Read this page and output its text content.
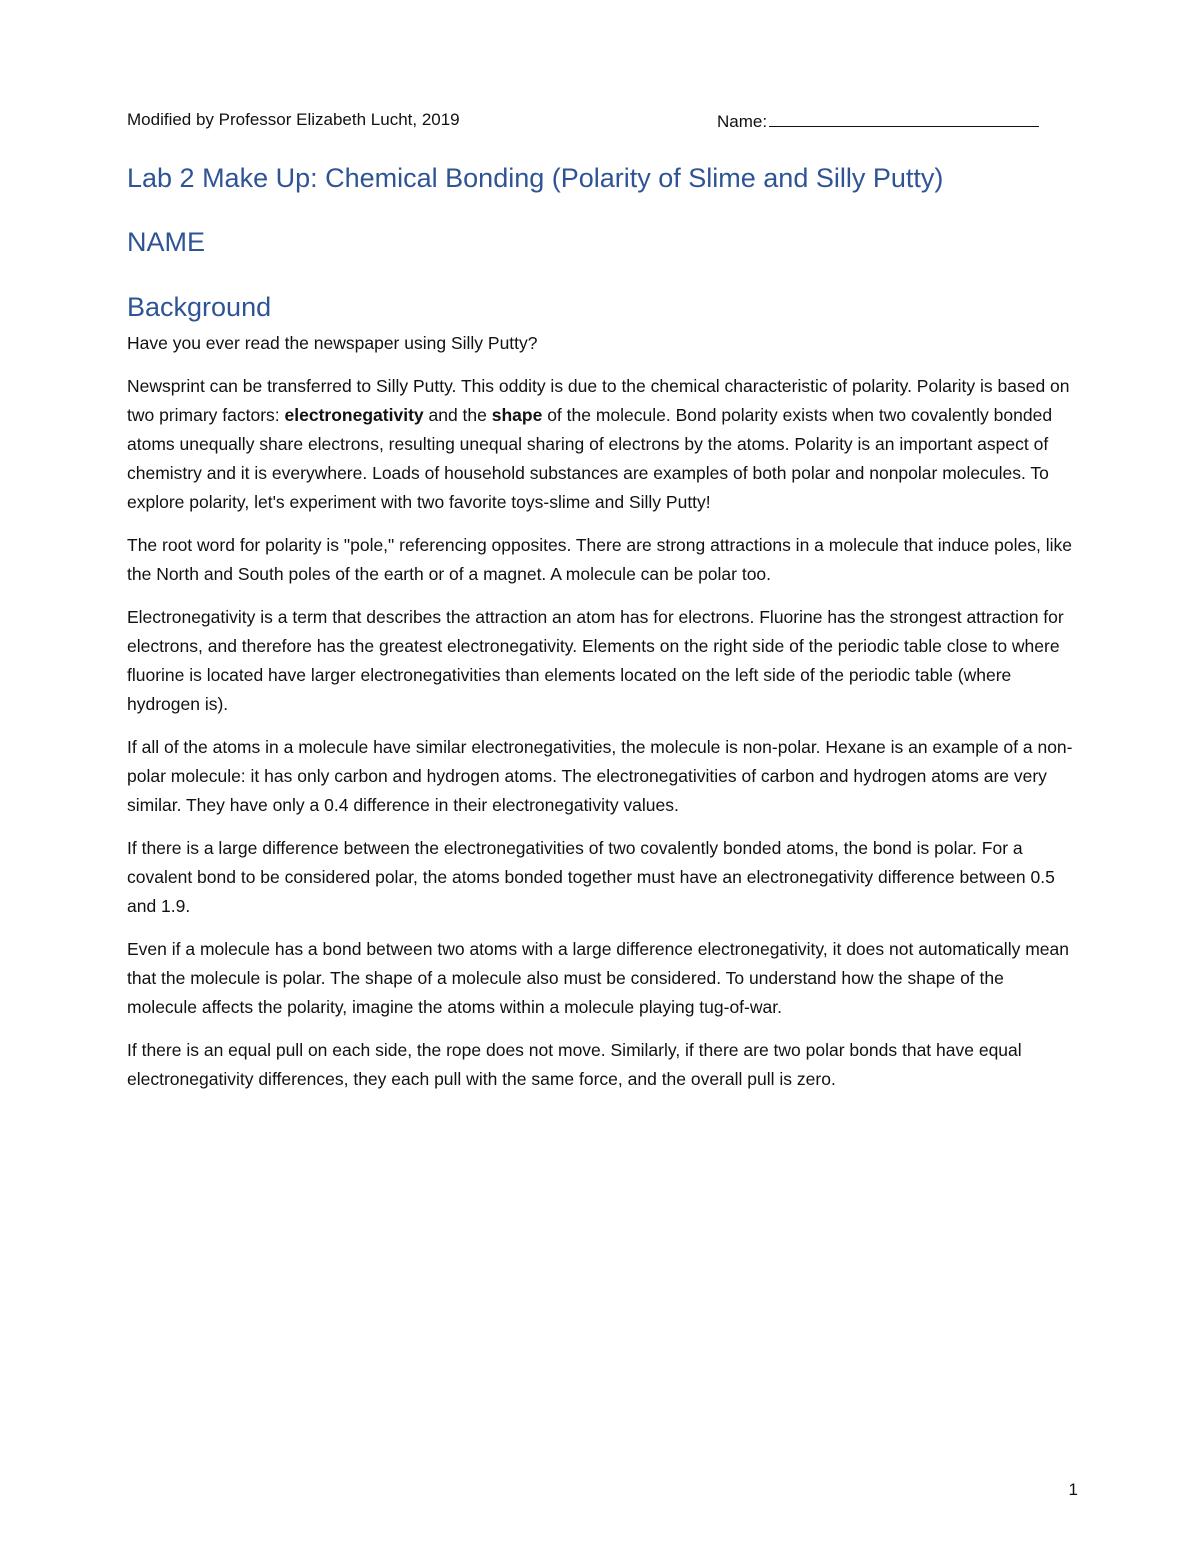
Modified by Professor Elizabeth Lucht, 2019	Name:
Lab 2 Make Up: Chemical Bonding (Polarity of Slime and Silly Putty)
NAME
Background

Have you ever read the newspaper using Silly Putty?

Newsprint can be transferred to Silly Putty. This oddity is due to the chemical characteristic of polarity. Polarity is based on two primary factors: electronegativity and the shape of the molecule. Bond polarity exists when two covalently bonded atoms unequally share electrons, resulting unequal sharing of electrons by the atoms. Polarity is an important aspect of chemistry and it is everywhere. Loads of household substances are examples of both polar and nonpolar molecules. To explore polarity, let's experiment with two favorite toys-slime and Silly Putty!

The root word for polarity is "pole," referencing opposites. There are strong attractions in a molecule that induce poles, like the North and South poles of the earth or of a magnet. A molecule can be polar too.

Electronegativity is a term that describes the attraction an atom has for electrons. Fluorine has the strongest attraction for electrons, and therefore has the greatest electronegativity. Elements on the right side of the periodic table close to where fluorine is located have larger electronegativities than elements located on the left side of the periodic table (where hydrogen is).

If all of the atoms in a molecule have similar electronegativities, the molecule is non-polar. Hexane is an example of a non-polar molecule: it has only carbon and hydrogen atoms. The electronegativities of carbon and hydrogen atoms are very similar. They have only a 0.4 difference in their electronegativity values.

If there is a large difference between the electronegativities of two covalently bonded atoms, the bond is polar. For a covalent bond to be considered polar, the atoms bonded together must have an electronegativity difference between 0.5 and 1.9.

Even if a molecule has a bond between two atoms with a large difference electronegativity, it does not automatically mean that the molecule is polar. The shape of a molecule also must be considered. To understand how the shape of the molecule affects the polarity, imagine the atoms within a molecule playing tug-of-war.

If there is an equal pull on each side, the rope does not move. Similarly, if there are two polar bonds that have equal electronegativity differences, they each pull with the same force, and the overall pull is zero.

1
